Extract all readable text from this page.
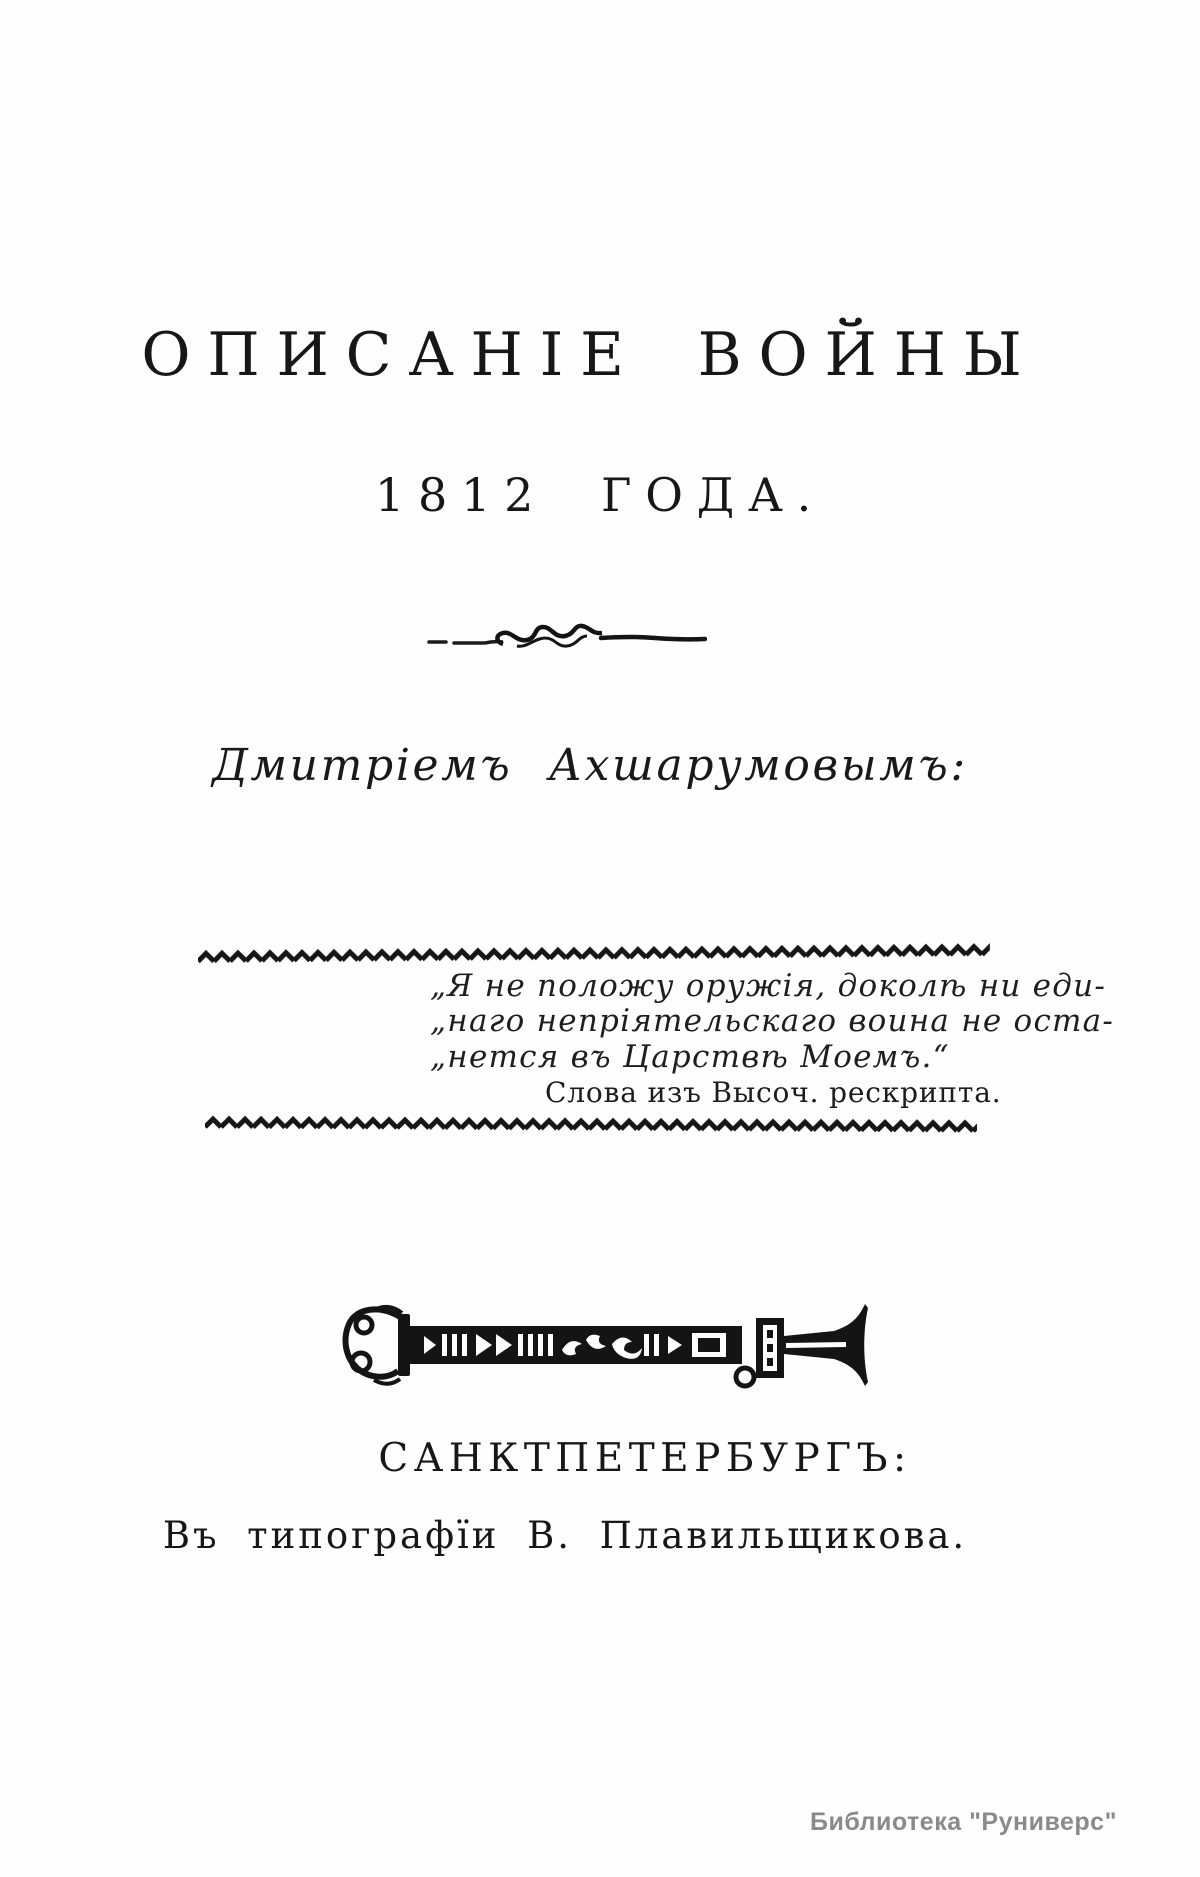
ОПИСАНІЕ ВОЙНЫ
1812 ГОДА.
Дмитріемъ Ахшарумовымъ:
„Я не положу оружія, доколѣ ни еди-
„наго непріятельскаго воина не оста-
„нется въ Царствѣ Моемъ.“
Слова изъ Высоч. рескрипта.
САНКТПЕТЕРБУРГЪ:
Въ типографїи В. Плавильщикова.
Библиотека "Руниверс"
